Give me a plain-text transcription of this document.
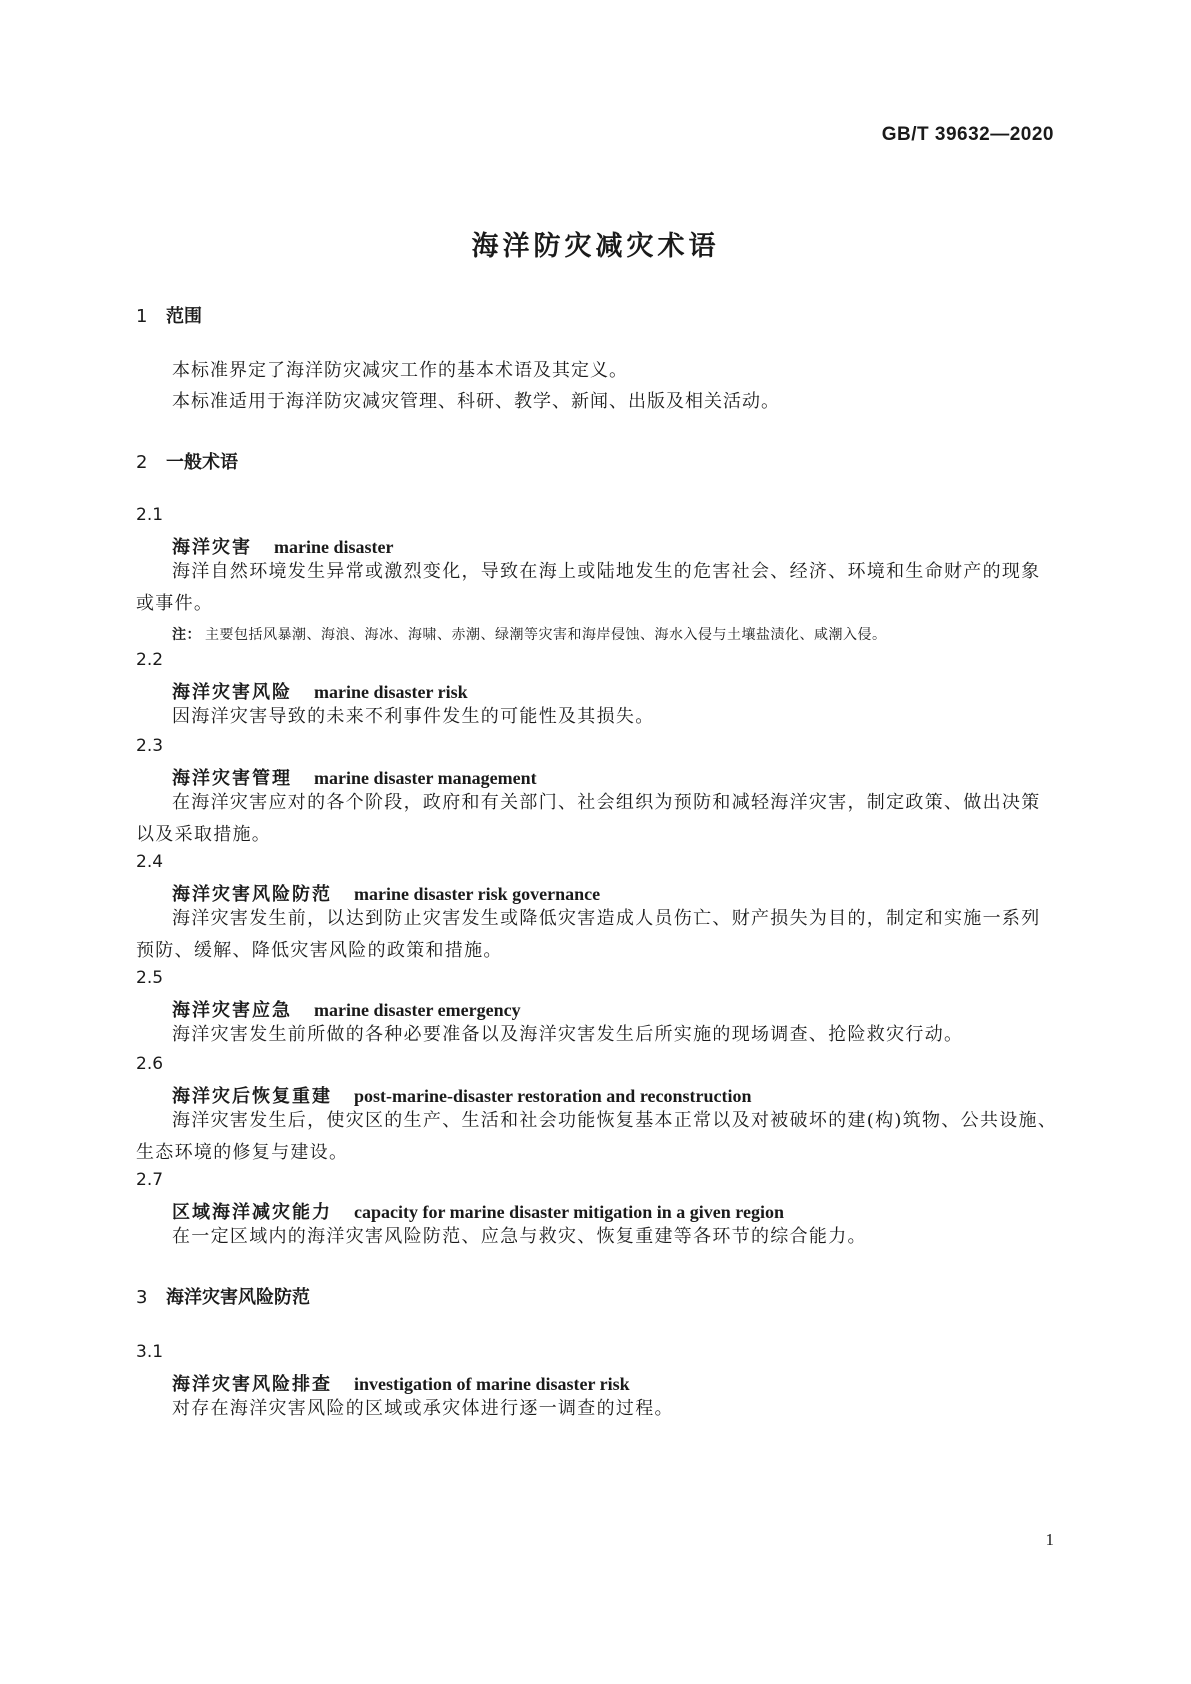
GB/T 39632—2020
海洋防灾减灾术语
1 范围
本标准界定了海洋防灾减灾工作的基本术语及其定义。
本标准适用于海洋防灾减灾管理、科研、教学、新闻、出版及相关活动。
2 一般术语
2.1
海洋灾害 marine disaster
海洋自然环境发生异常或激烈变化，导致在海上或陆地发生的危害社会、经济、环境和生命财产的现象或事件。
注： 主要包括风暴潮、海浪、海冰、海啸、赤潮、绿潮等灾害和海岸侵蚀、海水入侵与土壤盐渍化、咸潮入侵。
2.2
海洋灾害风险 marine disaster risk
因海洋灾害导致的未来不利事件发生的可能性及其损失。
2.3
海洋灾害管理 marine disaster management
在海洋灾害应对的各个阶段，政府和有关部门、社会组织为预防和减轻海洋灾害，制定政策、做出决策以及采取措施。
2.4
海洋灾害风险防范 marine disaster risk governance
海洋灾害发生前，以达到防止灾害发生或降低灾害造成人员伤亡、财产损失为目的，制定和实施一系列预防、缓解、降低灾害风险的政策和措施。
2.5
海洋灾害应急 marine disaster emergency
海洋灾害发生前所做的各种必要准备以及海洋灾害发生后所实施的现场调查、抢险救灾行动。
2.6
海洋灾后恢复重建 post-marine-disaster restoration and reconstruction
海洋灾害发生后，使灾区的生产、生活和社会功能恢复基本正常以及对被破坏的建(构)筑物、公共设施、生态环境的修复与建设。
2.7
区域海洋减灾能力 capacity for marine disaster mitigation in a given region
在一定区域内的海洋灾害风险防范、应急与救灾、恢复重建等各环节的综合能力。
3 海洋灾害风险防范
3.1
海洋灾害风险排查 investigation of marine disaster risk
对存在海洋灾害风险的区域或承灾体进行逐一调查的过程。
1
